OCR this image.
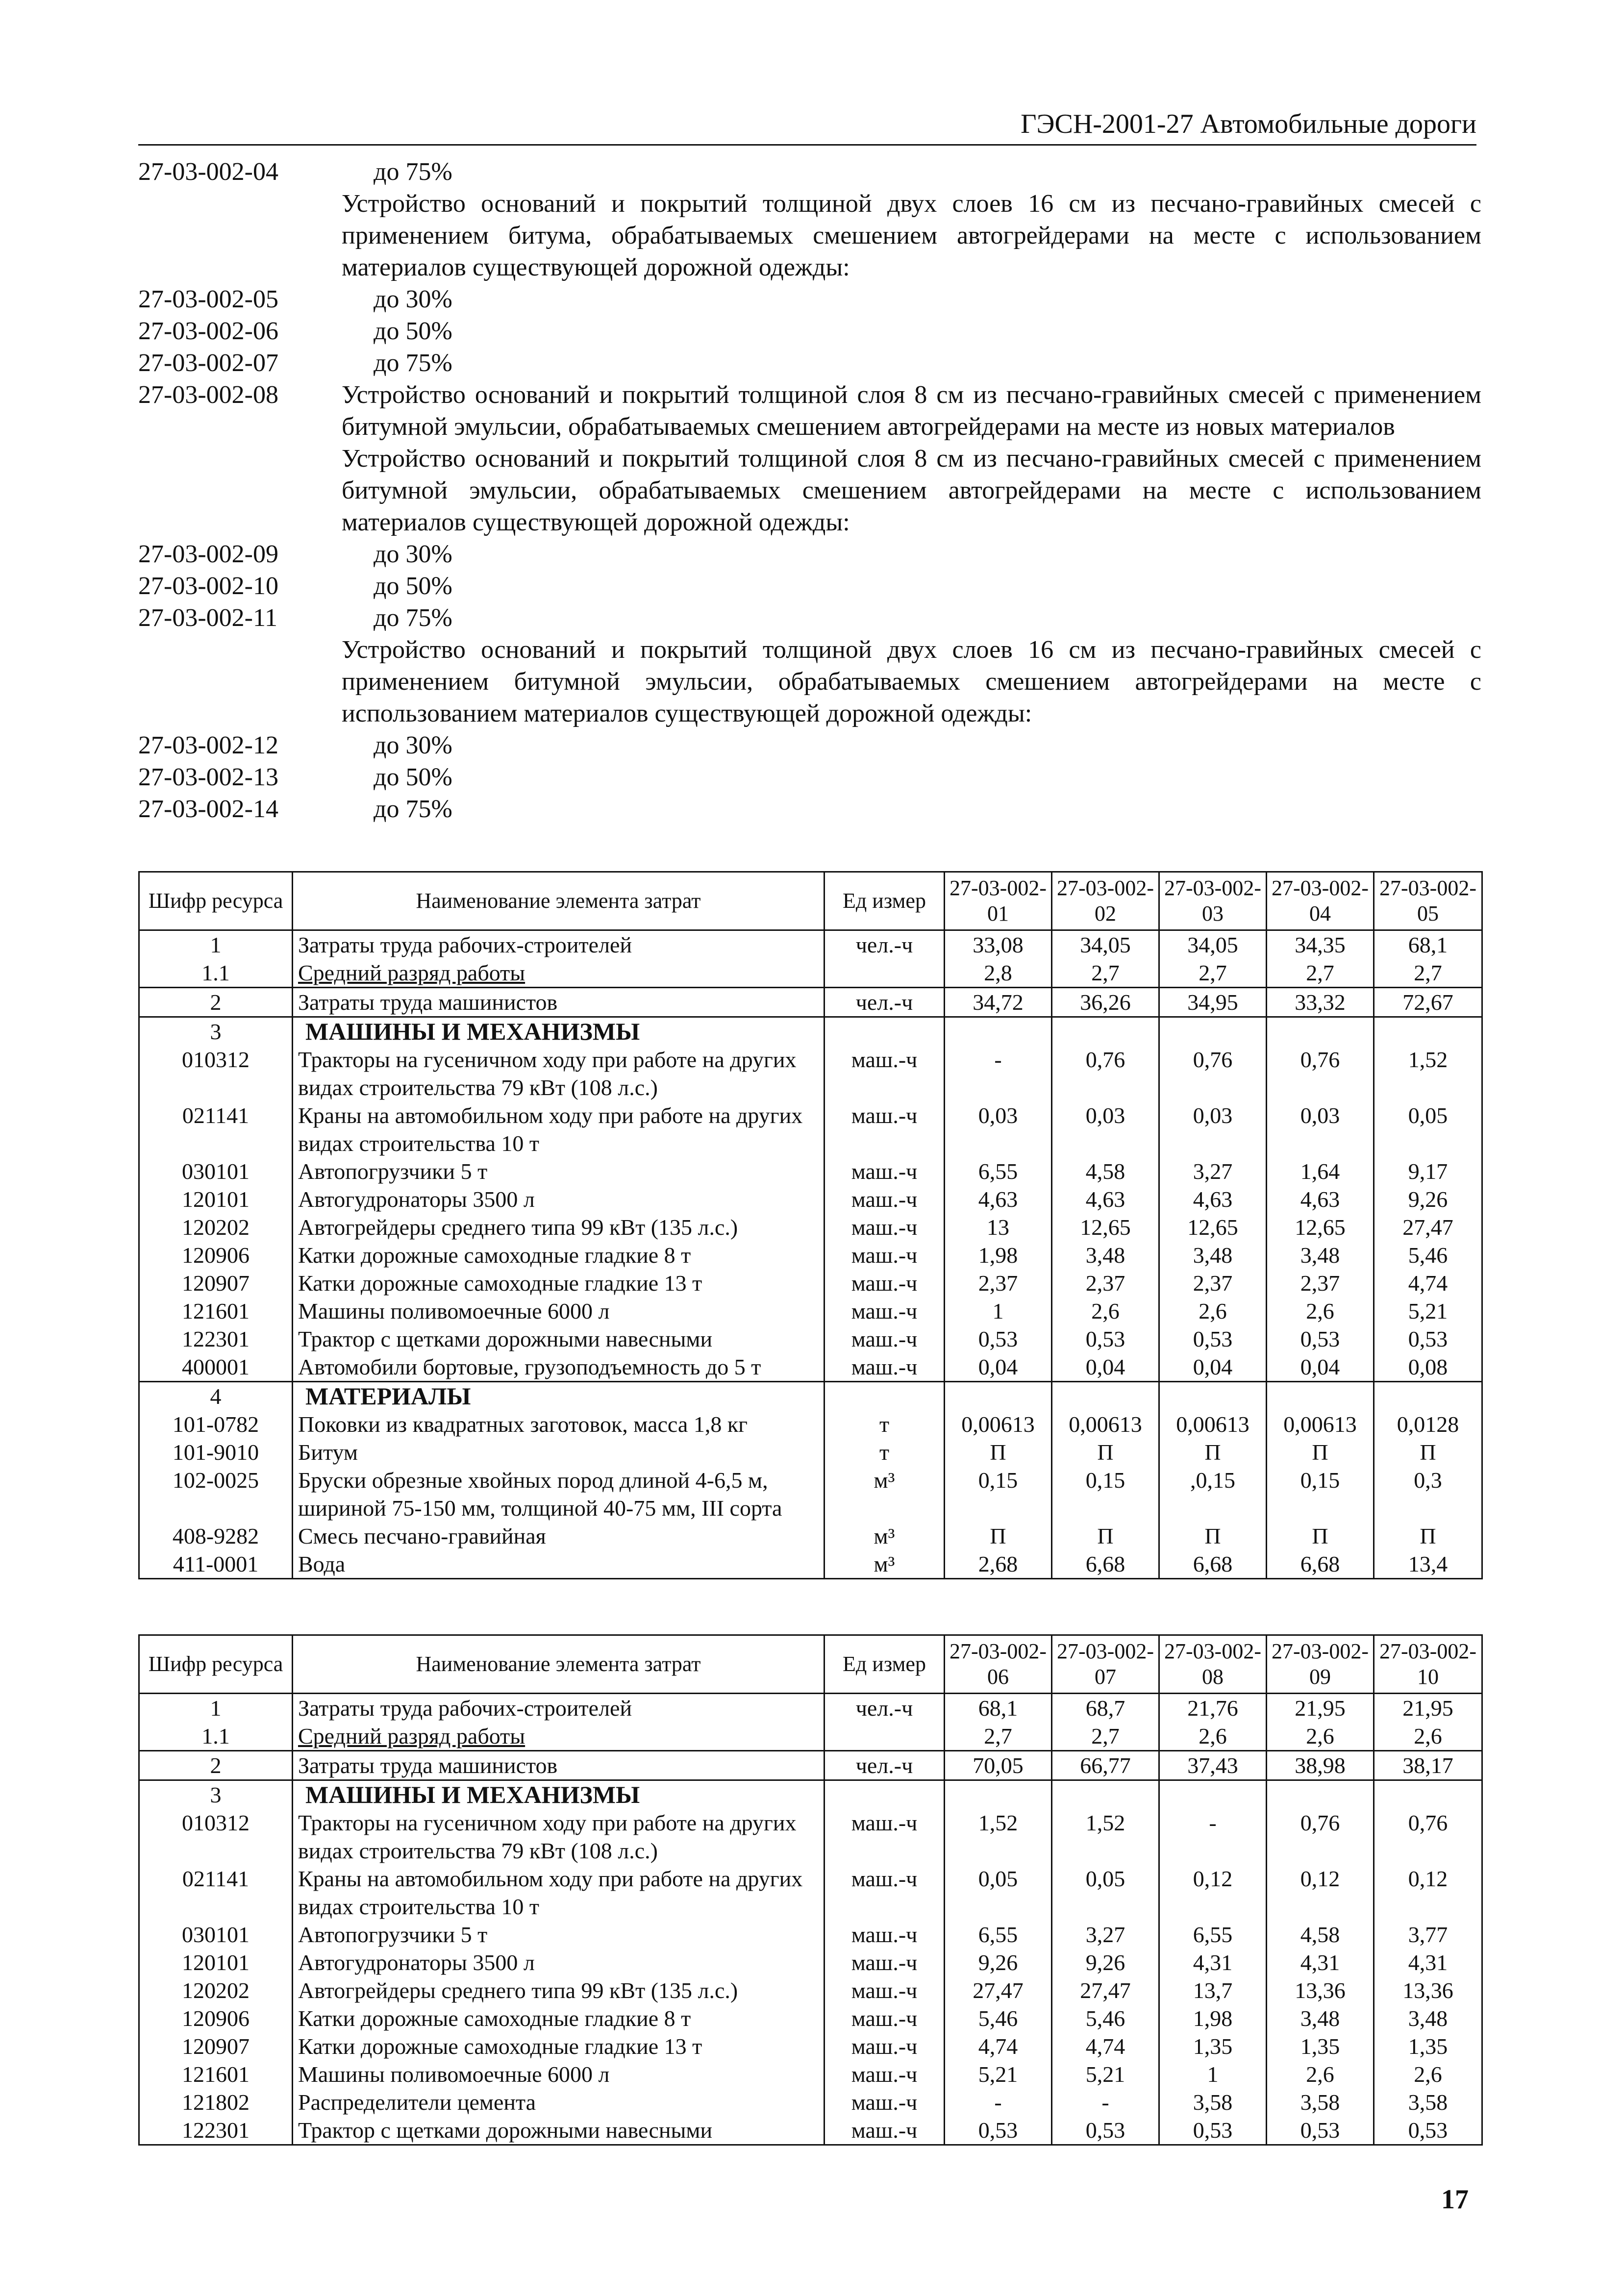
ГЭСН-2001-27 Автомобильные дороги
27-03-002-04	до 75%
Устройство оснований и покрытий толщиной двух слоев 16 см из песчано-гравийных смесей с применением битума, обрабатываемых смешением автогрейдерами на месте с использованием материалов существующей дорожной одежды:
27-03-002-05	до 30%
27-03-002-06	до 50%
27-03-002-07	до 75%
27-03-002-08	Устройство оснований и покрытий толщиной слоя 8 см из песчано-гравийных смесей с применением битумной эмульсии, обрабатываемых смешением автогрейдерами на месте из новых материалов
Устройство оснований и покрытий толщиной слоя 8 см из песчано-гравийных смесей с применением битумной эмульсии, обрабатываемых смешением автогрейдерами на месте с использованием материалов существующей дорожной одежды:
27-03-002-09	до 30%
27-03-002-10	до 50%
27-03-002-11	до 75%
Устройство оснований и покрытий толщиной двух слоев 16 см из песчано-гравийных смесей с применением битумной эмульсии, обрабатываемых смешением автогрейдерами на месте с использованием материалов существующей дорожной одежды:
27-03-002-12	до 30%
27-03-002-13	до 50%
27-03-002-14	до 75%
Шифр ресурса	Наименование элемента затрат	Ед измер	27-03-002-01	27-03-002-02	27-03-002-03	27-03-002-04	27-03-002-05
1	Затраты труда рабочих-строителей	чел.-ч	33,08	34,05	34,05	34,35	68,1
1.1	Средний разряд работы		2,8	2,7	2,7	2,7	2,7
2	Затраты труда машинистов	чел.-ч	34,72	36,26	34,95	33,32	72,67
3	МАШИНЫ И МЕХАНИЗМЫ						
010312	Тракторы на гусеничном ходу при работе на других видах строительства 79 кВт (108 л.с.)	маш.-ч	-	0,76	0,76	0,76	1,52
021141	Краны на автомобильном ходу при работе на других видах строительства 10 т	маш.-ч	0,03	0,03	0,03	0,03	0,05
030101	Автопогрузчики 5 т	маш.-ч	6,55	4,58	3,27	1,64	9,17
120101	Автогудронаторы 3500 л	маш.-ч	4,63	4,63	4,63	4,63	9,26
120202	Автогрейдеры среднего типа 99 кВт (135 л.с.)	маш.-ч	13	12,65	12,65	12,65	27,47
120906	Катки дорожные самоходные гладкие 8 т	маш.-ч	1,98	3,48	3,48	3,48	5,46
120907	Катки дорожные самоходные гладкие 13 т	маш.-ч	2,37	2,37	2,37	2,37	4,74
121601	Машины поливомоечные 6000 л	маш.-ч	1	2,6	2,6	2,6	5,21
122301	Трактор с щетками дорожными навесными	маш.-ч	0,53	0,53	0,53	0,53	0,53
400001	Автомобили бортовые, грузоподъемность до 5 т	маш.-ч	0,04	0,04	0,04	0,04	0,08
4	МАТЕРИАЛЫ						
101-0782	Поковки из квадратных заготовок, масса 1,8 кг	т	0,00613	0,00613	0,00613	0,00613	0,0128
101-9010	Битум	т	П	П	П	П	П
102-0025	Бруски обрезные хвойных пород длиной 4-6,5 м, шириной 75-150 мм, толщиной 40-75 мм, III сорта	м³	0,15	0,15	,0,15	0,15	0,3
408-9282	Смесь песчано-гравийная	м³	П	П	П	П	П
411-0001	Вода	м³	2,68	6,68	6,68	6,68	13,4
Шифр ресурса	Наименование элемента затрат	Ед измер	27-03-002-06	27-03-002-07	27-03-002-08	27-03-002-09	27-03-002-10
1	Затраты труда рабочих-строителей	чел.-ч	68,1	68,7	21,76	21,95	21,95
1.1	Средний разряд работы		2,7	2,7	2,6	2,6	2,6
2	Затраты труда машинистов	чел.-ч	70,05	66,77	37,43	38,98	38,17
3	МАШИНЫ И МЕХАНИЗМЫ						
010312	Тракторы на гусеничном ходу при работе на других видах строительства 79 кВт (108 л.с.)	маш.-ч	1,52	1,52	-	0,76	0,76
021141	Краны на автомобильном ходу при работе на других видах строительства 10 т	маш.-ч	0,05	0,05	0,12	0,12	0,12
030101	Автопогрузчики 5 т	маш.-ч	6,55	3,27	6,55	4,58	3,77
120101	Автогудронаторы 3500 л	маш.-ч	9,26	9,26	4,31	4,31	4,31
120202	Автогрейдеры среднего типа 99 кВт (135 л.с.)	маш.-ч	27,47	27,47	13,7	13,36	13,36
120906	Катки дорожные самоходные гладкие 8 т	маш.-ч	5,46	5,46	1,98	3,48	3,48
120907	Катки дорожные самоходные гладкие 13 т	маш.-ч	4,74	4,74	1,35	1,35	1,35
121601	Машины поливомоечные 6000 л	маш.-ч	5,21	5,21	1	2,6	2,6
121802	Распределители цемента	маш.-ч	-	-	3,58	3,58	3,58
122301	Трактор с щетками дорожными навесными	маш.-ч	0,53	0,53	0,53	0,53	0,53
17
